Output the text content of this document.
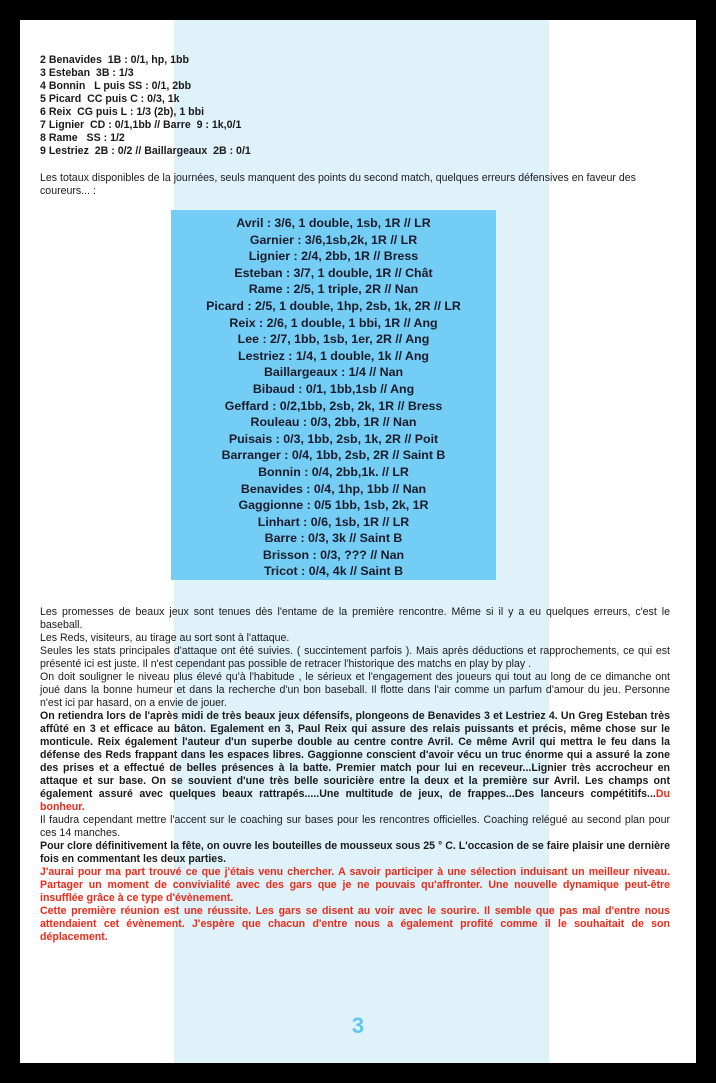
2 Benavides  1B : 0/1, hp, 1bb

3 Esteban  3B : 1/3

4 Bonnin   L puis SS : 0/1, 2bb

5 Picard  CC puis C : 0/3, 1k

6 Reix  CG puis L : 1/3 (2b), 1 bbi

7 Lignier  CD : 0/1,1bb // Barre  9 : 1k,0/1

8 Rame   SS : 1/2

9 Lestriez  2B : 0/2 // Baillargeaux  2B : 0/1

Les totaux disponibles de la journées, seuls manquent des points du second match, quelques erreurs défensives en faveur des coureurs... :

Avril : 3/6, 1 double, 1sb, 1R // LR

Garnier : 3/6,1sb,2k, 1R // LR

Lignier : 2/4, 2bb, 1R // Bress

Esteban : 3/7, 1 double, 1R // Chât

Rame : 2/5, 1 triple, 2R // Nan

Picard : 2/5, 1 double, 1hp, 2sb, 1k, 2R // LR

Reix : 2/6, 1 double, 1 bbi, 1R // Ang

Lee : 2/7, 1bb, 1sb, 1er, 2R // Ang

Lestriez : 1/4, 1 double, 1k // Ang

Baillargeaux : 1/4 // Nan

Bibaud : 0/1, 1bb,1sb // Ang

Geffard : 0/2,1bb, 2sb, 2k, 1R // Bress

Rouleau : 0/3, 2bb, 1R // Nan

Puisais : 0/3, 1bb, 2sb, 1k, 2R // Poit

Barranger : 0/4, 1bb, 2sb, 2R // Saint B

Bonnin : 0/4, 2bb,1k. // LR

Benavides : 0/4, 1hp, 1bb // Nan

Gaggionne : 0/5 1bb, 1sb, 2k, 1R

Linhart : 0/6, 1sb, 1R // LR

Barre : 0/3, 3k // Saint B

Brisson : 0/3, ??? // Nan

Tricot : 0/4, 4k // Saint B

Les promesses de beaux jeux sont tenues dès l'entame de la première rencontre. Même si il y a eu quelques erreurs, c'est le baseball.

Les Reds, visiteurs, au tirage au sort sont à l'attaque.

Seules les stats principales d'attaque ont été suivies. ( succintement parfois ). Mais après déductions et rapprochements, ce qui est présenté ici est juste. Il n'est cependant pas possible de retracer l'historique des matchs en play by play .

On doit souligner le niveau plus élevé qu'à l'habitude , le sérieux et l'engagement des joueurs qui tout au long de ce dimanche ont joué dans la bonne humeur et dans la recherche d'un bon baseball. Il flotte dans l'air comme un parfum d'amour du jeu. Personne n'est ici par hasard, on a envie de jouer.

On retiendra lors de l'après midi de très beaux jeux défensifs, plongeons de Benavides 3 et Lestriez 4. Un Greg Esteban très affûté en 3 et efficace au bâton. Egalement en 3, Paul Reix qui assure des relais puissants et précis, même chose sur le monticule. Reix également l'auteur d'un superbe double au centre contre Avril. Ce même Avril qui mettra le feu dans la défense des Reds frappant dans les espaces libres. Gaggionne conscient d'avoir vécu un truc énorme qui a assuré la zone des prises et a effectué de belles présences à la batte. Premier match pour lui en receveur...Lignier très accrocheur en attaque et sur base. On se souvient d'une très belle souricière entre la deux et la première sur Avril. Les champs ont également assuré avec quelques beaux rattrapés.....Une multitude de jeux, de frappes...Des lanceurs compétitifs...Du bonheur.

Il faudra cependant mettre l'accent sur le coaching sur bases pour les rencontres officielles. Coaching relégué au second plan pour ces 14 manches.

Pour clore définitivement la fête, on ouvre les bouteilles de mousseux sous 25 ° C. L'occasion de se faire plaisir une dernière fois en commentant les deux parties.

J'aurai pour ma part trouvé ce que j'étais venu chercher. A savoir participer à une sélection induisant un meilleur niveau. Partager un moment de convivialité avec des gars que je ne pouvais qu'affronter. Une nouvelle dynamique peut-être insufflée grâce à ce type d'évènement.

Cette première réunion est une réussite. Les gars se disent au voir avec le sourire. Il semble que pas mal d'entre nous attendaient cet évènement. J'espère que chacun d'entre nous a également profité comme il le souhaitait de son déplacement.

3
